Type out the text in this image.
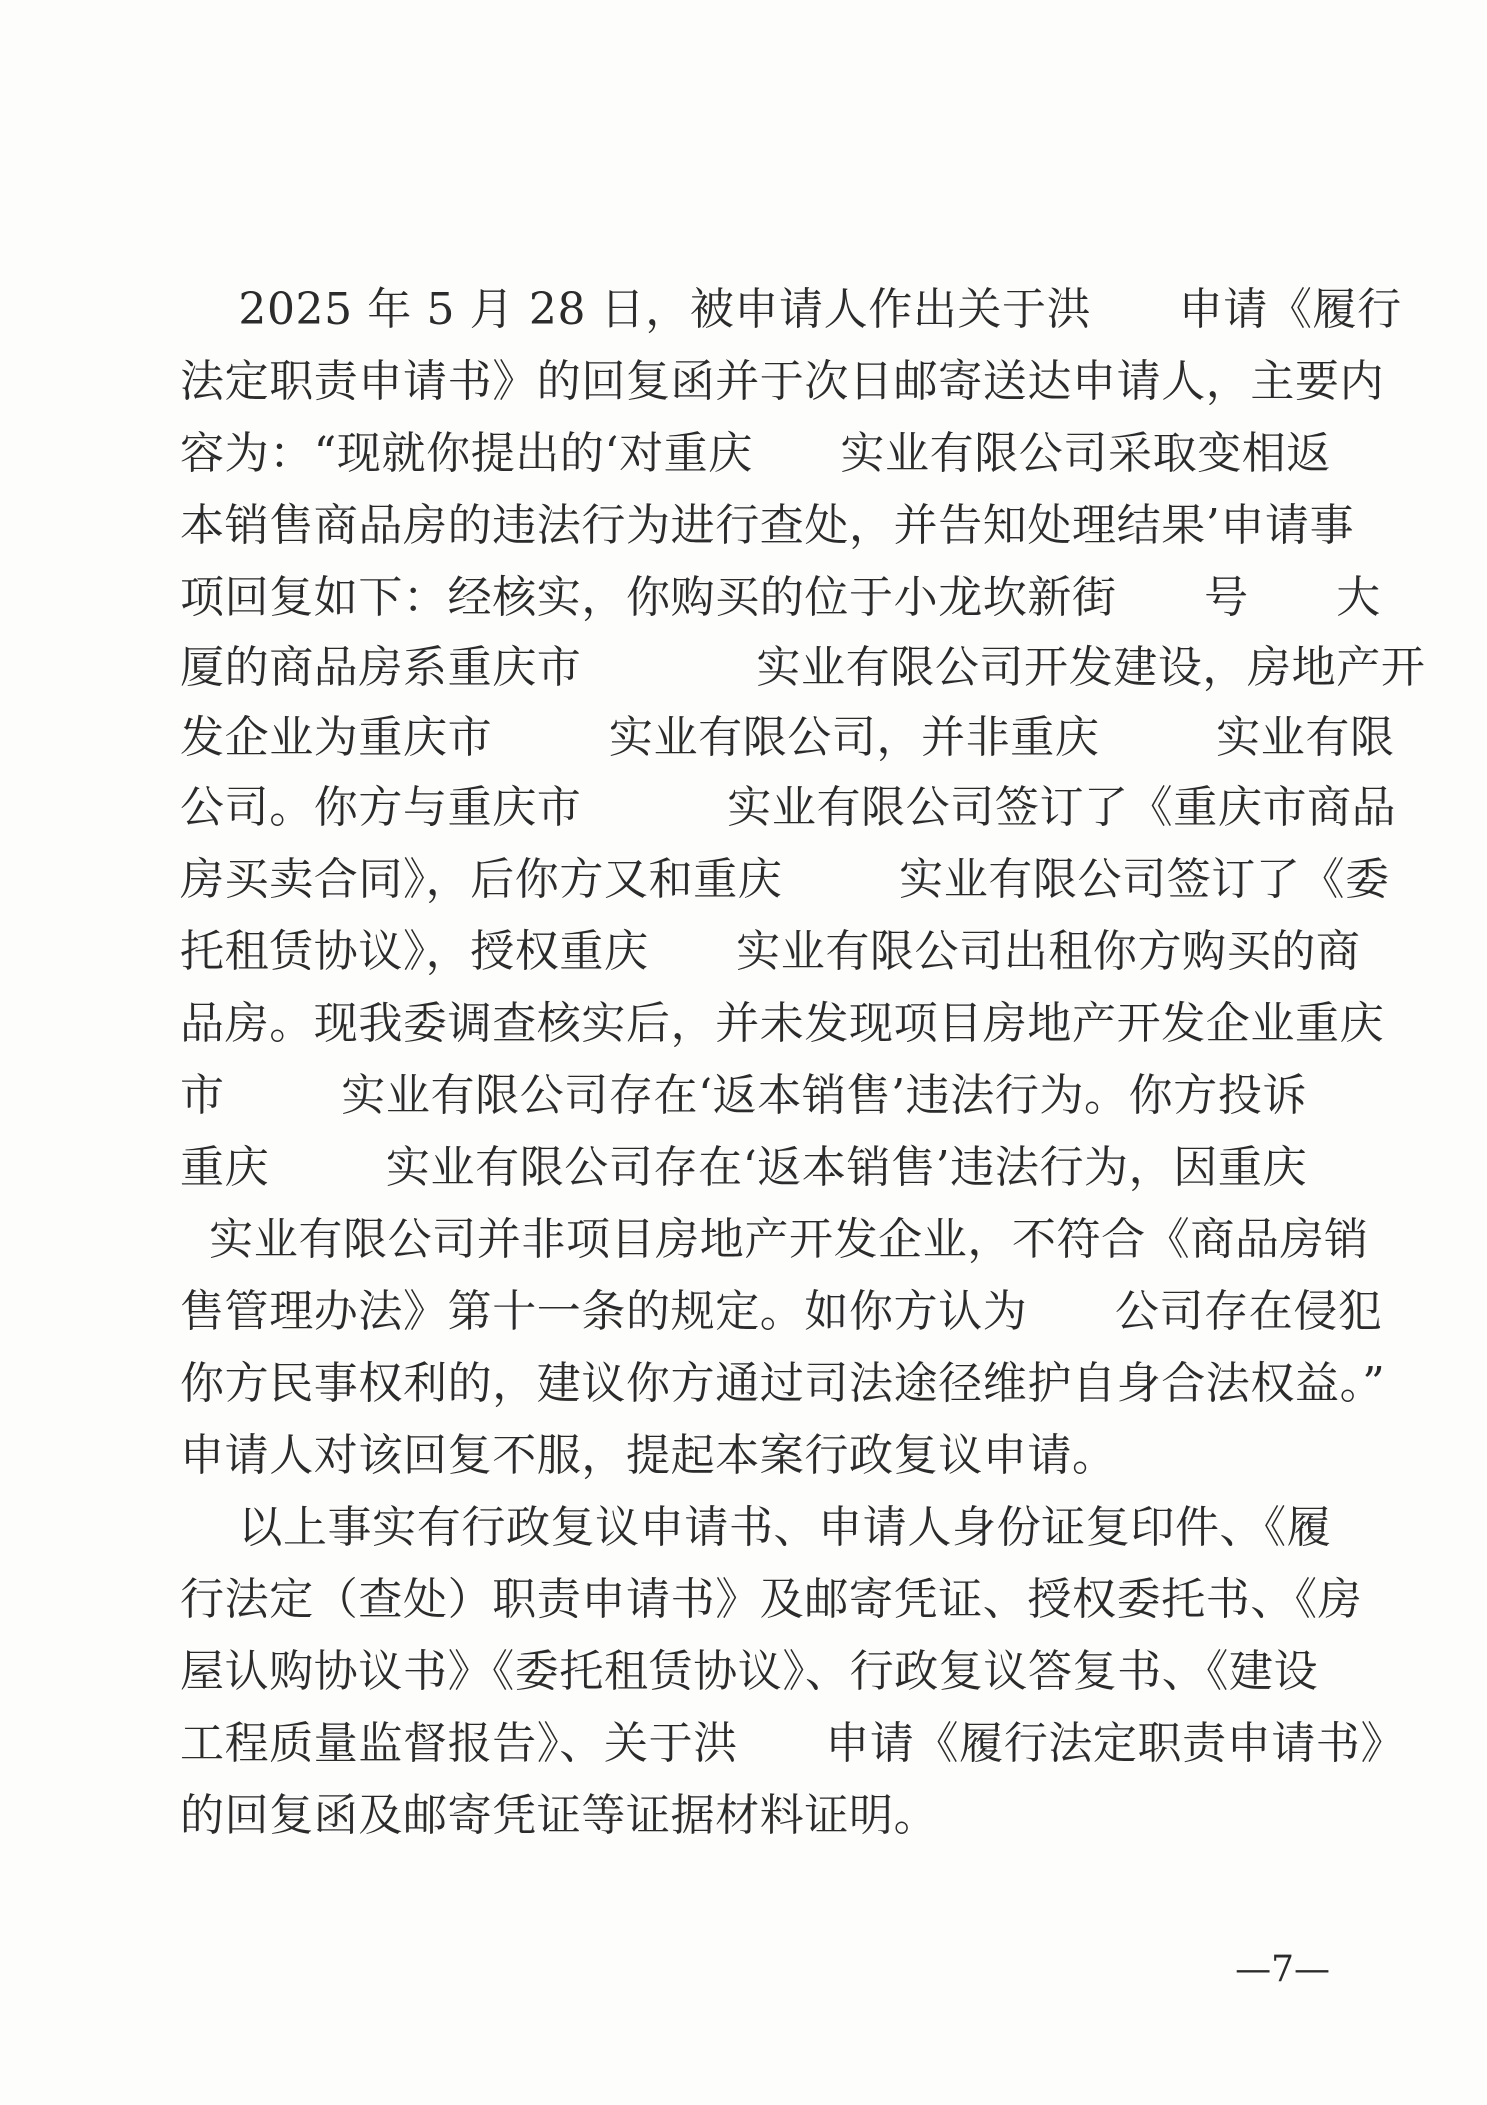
2025 年 5 月 28 日，被申请人作出关于洪      申请《履行
法定职责申请书》的回复函并于次日邮寄送达申请人，主要内
容为：“现就你提出的‘对重庆      实业有限公司采取变相返
本销售商品房的违法行为进行查处，并告知处理结果’申请事
项回复如下：经核实，你购买的位于小龙坎新街      号      大
厦的商品房系重庆市            实业有限公司开发建设，房地产开
发企业为重庆市        实业有限公司，并非重庆        实业有限
公司。你方与重庆市          实业有限公司签订了《重庆市商品
房买卖合同》，后你方又和重庆        实业有限公司签订了《委
托租赁协议》，授权重庆      实业有限公司出租你方购买的商
品房。现我委调查核实后，并未发现项目房地产开发企业重庆
市        实业有限公司存在‘返本销售’违法行为。你方投诉
重庆        实业有限公司存在‘返本销售’违法行为，因重庆
实业有限公司并非项目房地产开发企业，不符合《商品房销
售管理办法》第十一条的规定。如你方认为      公司存在侵犯
你方民事权利的，建议你方通过司法途径维护自身合法权益。”
申请人对该回复不服，提起本案行政复议申请。
以上事实有行政复议申请书、申请人身份证复印件、《履
行法定（查处）职责申请书》及邮寄凭证、授权委托书、《房
屋认购协议书》《委托租赁协议》、行政复议答复书、《建设
工程质量监督报告》、关于洪      申请《履行法定职责申请书》
的回复函及邮寄凭证等证据材料证明。
—7—
